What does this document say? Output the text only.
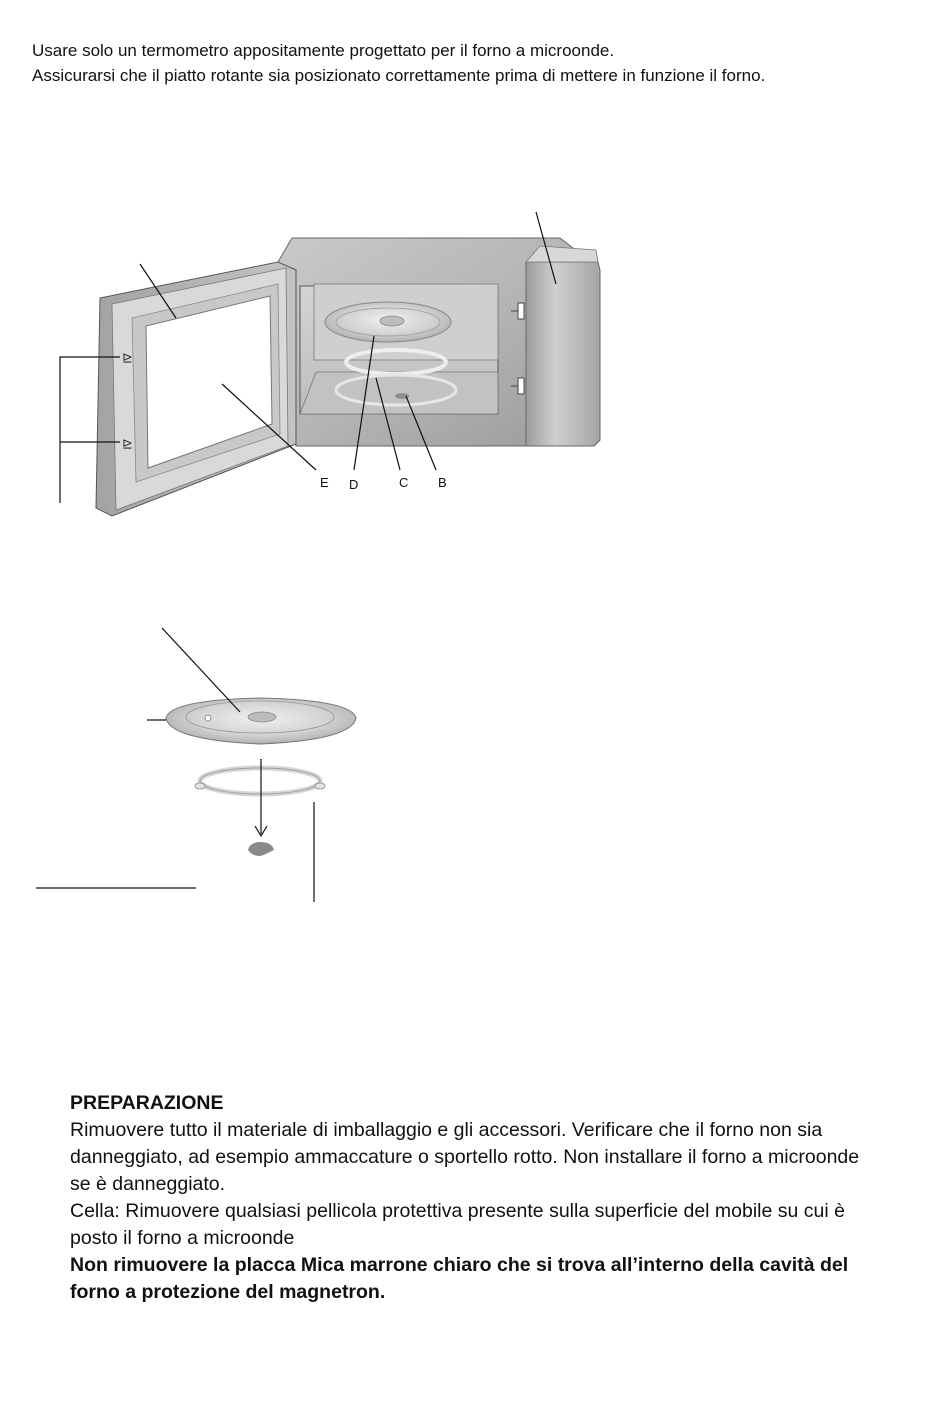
Usare solo un termometro appositamente progettato per il forno a microonde.

Assicurarsi che il piatto rotante sia posizionato correttamente prima di mettere in funzione il forno.

⊵
⊵
E D	C B

PREPARAZIONE

Rimuovere tutto il materiale di imballaggio e gli accessori. Verificare che il forno non sia

danneggiato, ad esempio ammaccature o sportello rotto. Non installare il forno a microonde

se è danneggiato.

Cella: Rimuovere qualsiasi pellicola protettiva presente sulla superficie del mobile su cui è

posto il forno a microonde

Non rimuovere la placca Mica marrone chiaro che si trova all’interno della cavità del

forno a protezione del magnetron.
